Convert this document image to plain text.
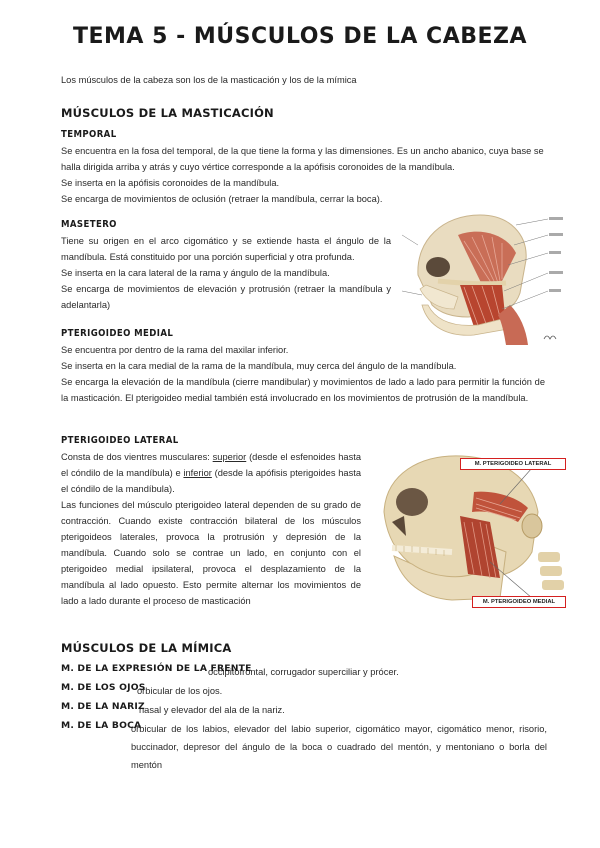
TEMA 5 - MÚSCULOS DE LA CABEZA

Los músculos de la cabeza son los de la masticación y los de la mímica

MÚSCULOS DE LA MASTICACIÓN
TEMPORAL

Se encuentra en la fosa del temporal, de la que tiene la forma y las dimensiones. Es un ancho abanico, cuya base se halla dirigida arriba y atrás y cuyo vértice corresponde a la apófisis coronoides de la mandíbula.

Se inserta en la apófisis coronoides de la mandíbula.

Se encarga de movimientos de oclusión (retraer la mandíbula, cerrar la boca).

MASETERO

Tiene su origen en el arco cigomático y se extiende hasta el ángulo de la mandíbula. Está constituido por una porción superficial y otra profunda.

Se inserta en la cara lateral de la rama y ángulo de la mandíbula.

Se encarga de movimientos de elevación y protrusión (retraer la mandíbula y adelantarla)

PTERIGOIDEO MEDIAL

Se encuentra por dentro de la rama del maxilar inferior.

Se inserta en la cara medial de la rama de la mandíbula, muy cerca del ángulo de la mandíbula.

Se encarga la elevación de la mandíbula (cierre mandibular) y movimientos de lado a lado para permitir la función de la masticación. El pterigoideo medial también está involucrado en los movimientos de protrusión de la mandíbula.

PTERIGOIDEO LATERAL

Consta de dos vientres musculares: superior (desde el esfenoides hasta el cóndilo de la mandíbula) e inferior (desde la apófisis pterigoides hasta el cóndilo de la mandíbula).

Las funciones del músculo pterigoideo lateral dependen de su grado de contracción. Cuando existe contracción bilateral de los músculos pterigoideos laterales, provoca la protrusión y depresión de la mandíbula. Cuando solo se contrae un lado, en conjunto con el pterigoideo medial ipsilateral, provoca el desplazamiento de la mandíbula al lado opuesto. Esto permite alternar los movimientos de lado a lado durante el proceso de masticación

M. PTERIGOIDEO LATERAL
M. PTERIGOIDEO MEDIAL
MÚSCULOS DE LA MÍMICA
M. DE LA EXPRESIÓN DE LA FRENTE
occipitofrontal, corrugador superciliar y prócer.
M. DE LOS OJOS
orbicular de los ojos.
M. DE LA NARIZ
nasal y elevador del ala de la nariz.
M. DE LA BOCA
orbicular de los labios, elevador del labio superior, cigomático mayor, cigomático menor, risorio, buccinador, depresor del ángulo de la boca o cuadrado del mentón, y mentoniano o borla del mentón
